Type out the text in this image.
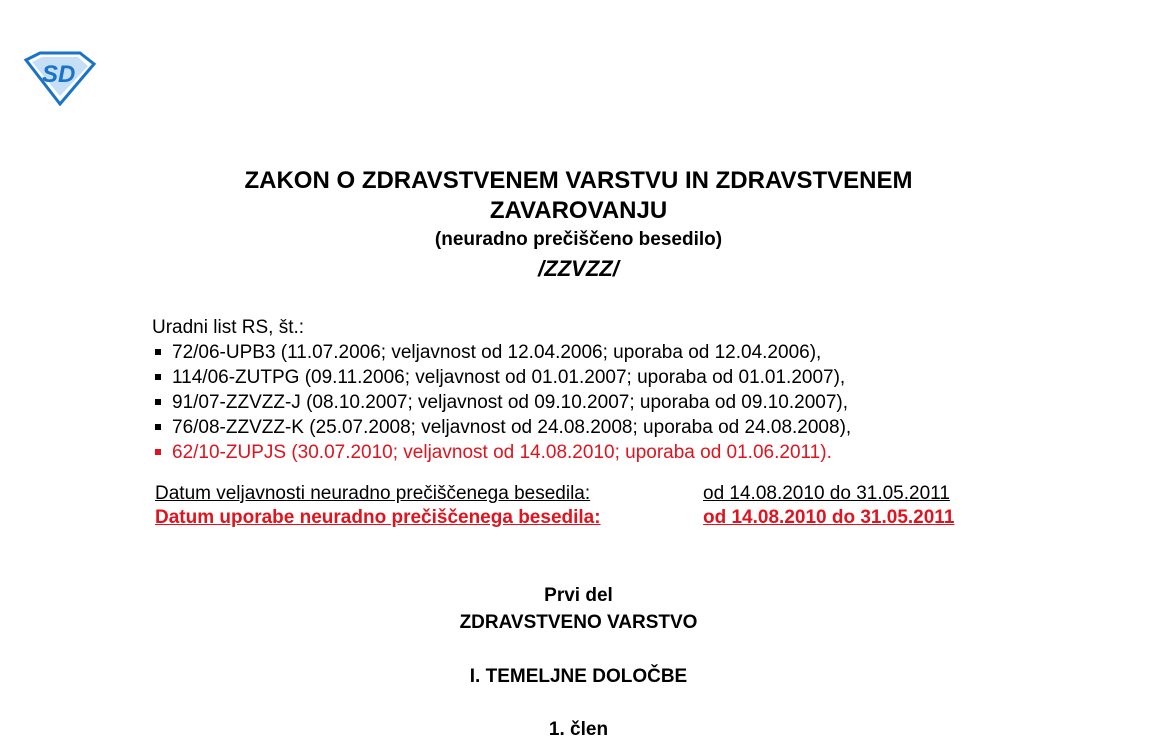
SD
ZAKON O ZDRAVSTVENEM VARSTVU IN ZDRAVSTVENEM
ZAVAROVANJU
(neuradno prečiščeno besedilo)
/ZZVZZ/
Uradni list RS, št.:
72/06-UPB3 (11.07.2006; veljavnost od 12.04.2006; uporaba od 12.04.2006),
114/06-ZUTPG (09.11.2006; veljavnost od 01.01.2007; uporaba od 01.01.2007),
91/07-ZZVZZ-J (08.10.2007; veljavnost od 09.10.2007; uporaba od 09.10.2007),
76/08-ZZVZZ-K (25.07.2008; veljavnost od 24.08.2008; uporaba od 24.08.2008),
62/10-ZUPJS (30.07.2010; veljavnost od 14.08.2010; uporaba od 01.06.2011).
Datum veljavnosti neuradno prečiščenega besedila:	od 14.08.2010 do 31.05.2011
Datum uporabe neuradno prečiščenega besedila:	od 14.08.2010 do 31.05.2011
Prvi del
ZDRAVSTVENO VARSTVO
I. TEMELJNE DOLOČBE
1. člen
